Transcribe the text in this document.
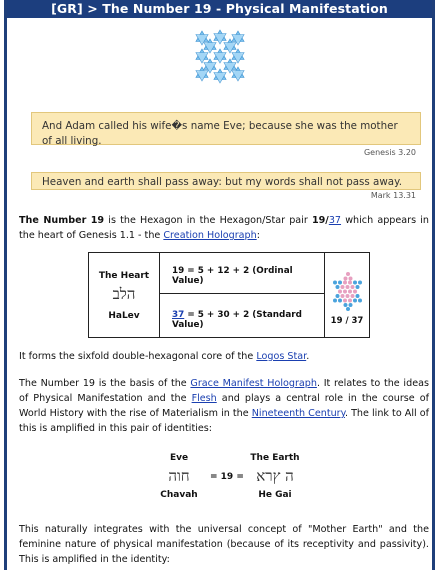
[GR] > The Number 19 - Physical Manifestation
And Adam called his wife�s name Eve; because she was the mother of all living.
Genesis 3.20
Heaven and earth shall pass away: but my words shall not pass away.
Mark 13.31
The Number 19 is the Hexagon in the Hexagon/Star pair 19/37 which appears in the heart of Genesis 1.1 - the Creation Holograph:
The Heart
הלב
HaLev
19 = 5 + 12 + 2 (Ordinal Value)
37 = 5 + 30 + 2 (Standard Value)	19 / 37
It forms the sixfold double-hexagonal core of the Logos Star.
The Number 19 is the basis of the Grace Manifest Holograph. It relates to the ideas of Physical Manifestation and the Flesh and plays a central role in the course of World History with the rise of Materialism in the Nineteenth Century. The link to All of this is amplified in this pair of identities:
Eve
חוה
Chavah
= 19 =
The Earth
ה ץרא
He Gai
This naturally integrates with the universal concept of "Mother Earth" and the feminine nature of physical manifestation (because of its receptivity and passivity). This is amplified in the identity:
